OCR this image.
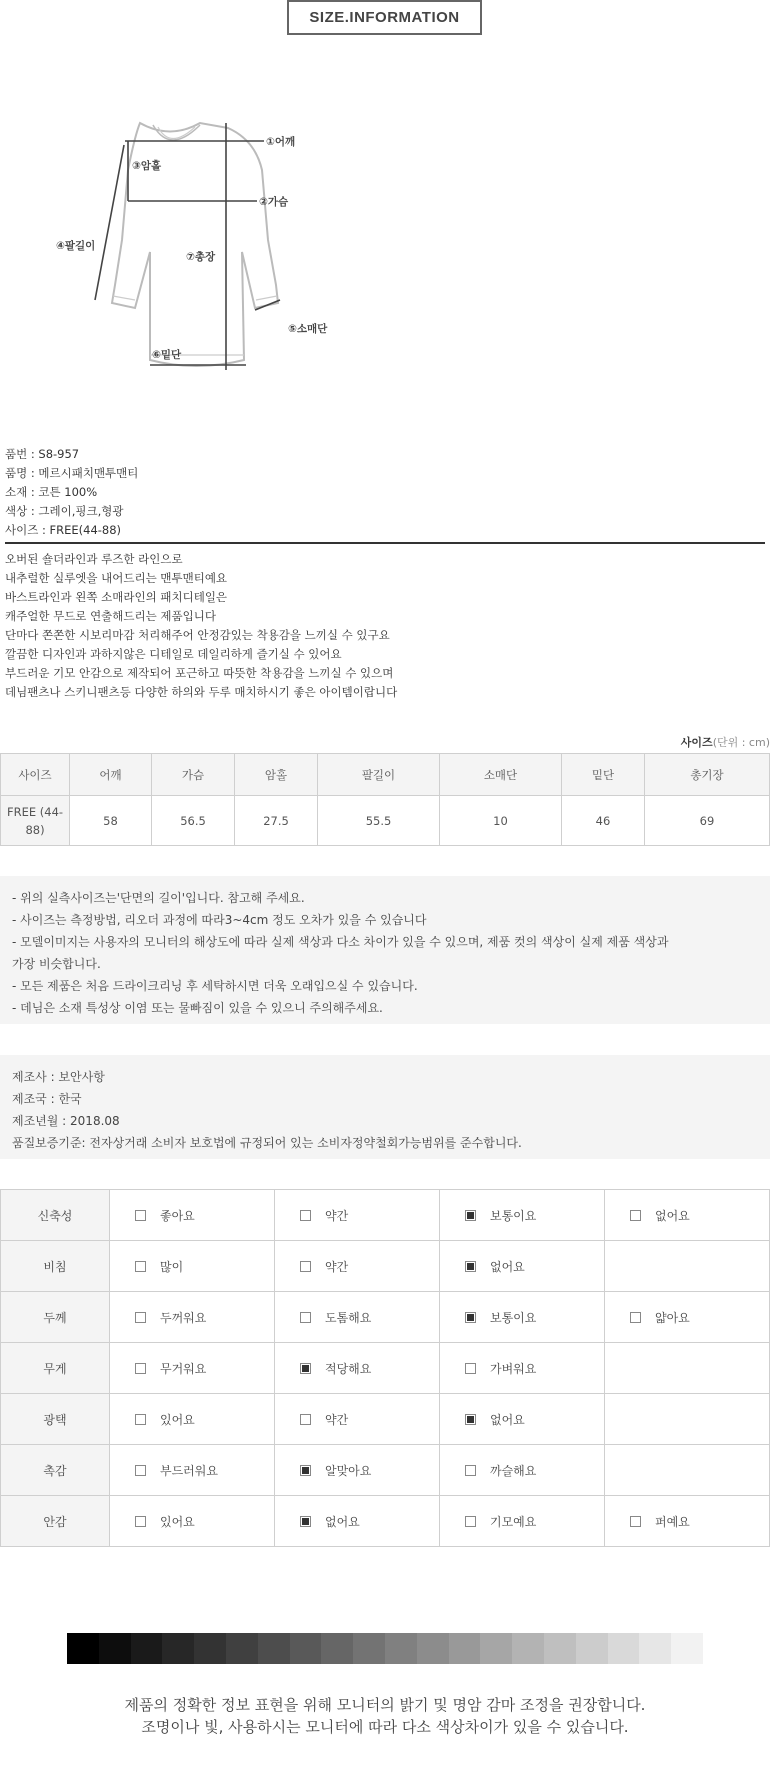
SIZE.INFORMATION
①어깨
②가슴
③암홀
④팔길이
⑤소매단
⑥밑단
⑦총장
품번 : S8-957
품명 : 메르시패치맨투맨티
소재 : 코튼 100%
색상 : 그레이,핑크,형광
사이즈 : FREE(44-88)
오버된 숄더라인과 루즈한 라인으로
내추럴한 실루엣을 내어드리는 맨투맨티예요
바스트라인과 왼쪽 소매라인의 패치디테일은
캐주얼한 무드로 연출해드리는 제품입니다
단마다 쫀쫀한 시보리마감 처리해주어 안정감있는 착용감을 느끼실 수 있구요
깔끔한 디자인과 과하지않은 디테일로 데일리하게 즐기실 수 있어요
부드러운 기모 안감으로 제작되어 포근하고 따뜻한 착용감을 느끼실 수 있으며
데님팬츠나 스키니팬츠등 다양한 하의와 두루 매치하시기 좋은 아이템이랍니다
사이즈(단위 : cm)
사이즈	어깨	가슴	암홀	팔길이	소매단	밑단	총기장
FREE (44-88)	58	56.5	27.5	55.5	10	46	69
- 위의 실측사이즈는'단면의 길이'입니다. 참고해 주세요.
- 사이즈는 측정방법, 리오더 과정에 따라3~4cm 정도 오차가 있을 수 있습니다
- 모델이미지는 사용자의 모니터의 해상도에 따라 실제 색상과 다소 차이가 있을 수 있으며, 제품 컷의 색상이 실제 제품 색상과
가장 비슷합니다.
- 모든 제품은 처음 드라이크리닝 후 세탁하시면 더욱 오래입으실 수 있습니다.
- 데님은 소재 특성상 이염 또는 물빠짐이 있을 수 있으니 주의해주세요.
제조사 : 보안사항
제조국 : 한국
제조년월 : 2018.08
품질보증기준: 전자상거래 소비자 보호법에 규정되어 있는 소비자정약철회가능범위를 준수합니다.
신축성	좋아요	약간	보통이요	없어요
비침	많이	약간	없어요	
두께	두꺼워요	도톰해요	보통이요	얇아요
무게	무거워요	적당해요	가벼워요	
광택	있어요	약간	없어요	
촉감	부드러워요	알맞아요	까슬해요	
안감	있어요	없어요	기모예요	퍼예요
제품의 정확한 정보 표현을 위해 모니터의 밝기 및 명암 감마 조정을 권장합니다.
조명이나 빛, 사용하시는 모니터에 따라 다소 색상차이가 있을 수 있습니다.
